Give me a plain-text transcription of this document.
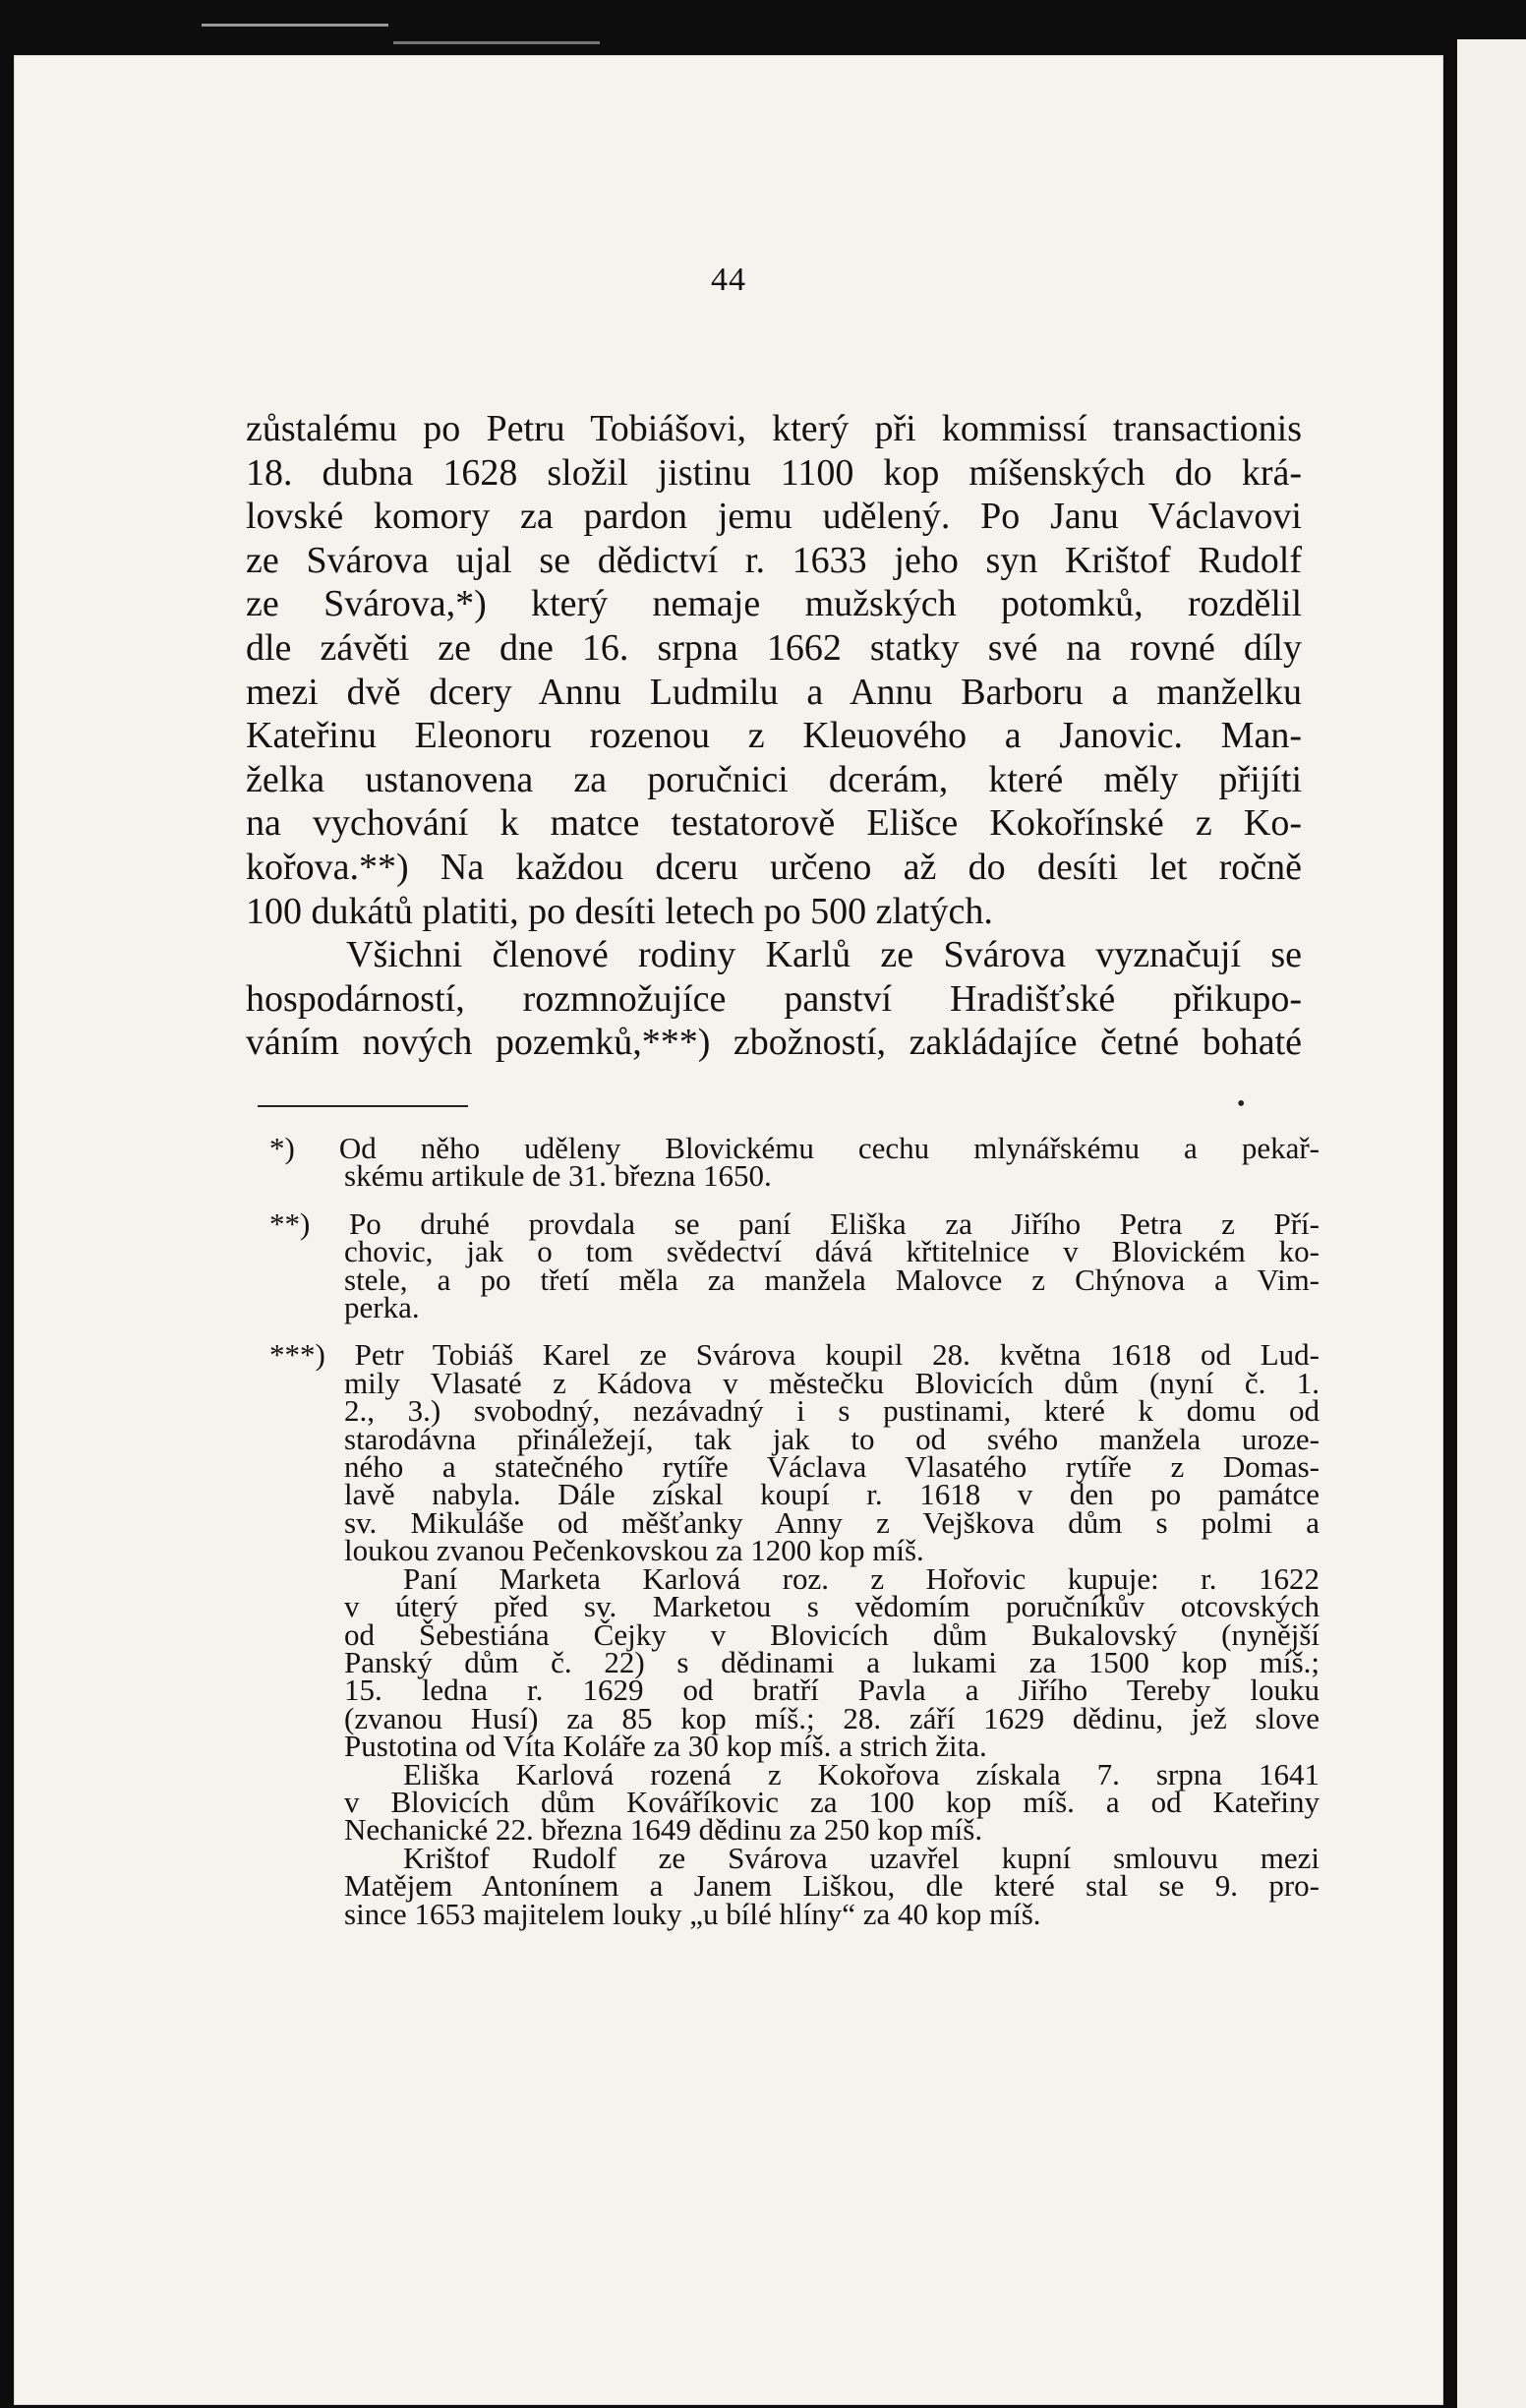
44
zůstalému po Petru Tobiášovi, který při kommissí transactionis
18. dubna 1628 složil jistinu 1100 kop míšenských do krá-
lovské komory za pardon jemu udělený. Po Janu Václavovi
ze Svárova ujal se dědictví r. 1633 jeho syn Krištof Rudolf
ze Svárova,*) který nemaje mužských potomků, rozdělil
dle závěti ze dne 16. srpna 1662 statky své na rovné díly
mezi dvě dcery Annu Ludmilu a Annu Barboru a manželku
Kateřinu Eleonoru rozenou z Kleuového a Janovic. Man-
želka ustanovena za poručnici dcerám, které měly přijíti
na vychování k matce testatorově Elišce Kokořínské z Ko-
kořova.**) Na každou dceru určeno až do desíti let ročně
100 dukátů platiti, po desíti letech po 500 zlatých.
Všichni členové rodiny Karlů ze Svárova vyznačují se
hospodárností, rozmnožujíce panství Hradišťské přikupo-
váním nových pozemků,***) zbožností, zakládajíce četné bohaté
•
*) Od něho uděleny Blovickému cechu mlynářskému a pekař-
skému artikule de 31. března 1650.
**) Po druhé provdala se paní Eliška za Jiřího Petra z Pří-
chovic, jak o tom svědectví dává křtitelnice v Blovickém ko-
stele, a po třetí měla za manžela Malovce z Chýnova a Vim-
perka.
***) Petr Tobiáš Karel ze Svárova koupil 28. května 1618 od Lud-
mily Vlasaté z Kádova v městečku Blovicích dům (nyní č. 1.
2., 3.) svobodný, nezávadný i s pustinami, které k domu od
starodávna přináležejí, tak jak to od svého manžela uroze-
ného a statečného rytíře Václava Vlasatého rytíře z Domas-
lavě nabyla. Dále získal koupí r. 1618 v den po památce
sv. Mikuláše od měšťanky Anny z Vejškova dům s polmi a
loukou zvanou Pečenkovskou za 1200 kop míš.
Paní Marketa Karlová roz. z Hořovic kupuje: r. 1622
v úterý před sv. Marketou s vědomím poručníkův otcovských
od Šebestiána Čejky v Blovicích dům Bukalovský (nynější
Panský dům č. 22) s dědinami a lukami za 1500 kop míš.;
15. ledna r. 1629 od bratří Pavla a Jiřího Tereby louku
(zvanou Husí) za 85 kop míš.; 28. září 1629 dědinu, jež slove
Pustotina od Víta Koláře za 30 kop míš. a strich žita.
Eliška Karlová rozená z Kokořova získala 7. srpna 1641
v Blovicích dům Kováříkovic za 100 kop míš. a od Kateřiny
Nechanické 22. března 1649 dědinu za 250 kop míš.
Krištof Rudolf ze Svárova uzavřel kupní smlouvu mezi
Matějem Antonínem a Janem Liškou, dle které stal se 9. pro-
since 1653 majitelem louky „u bílé hlíny“ za 40 kop míš.
